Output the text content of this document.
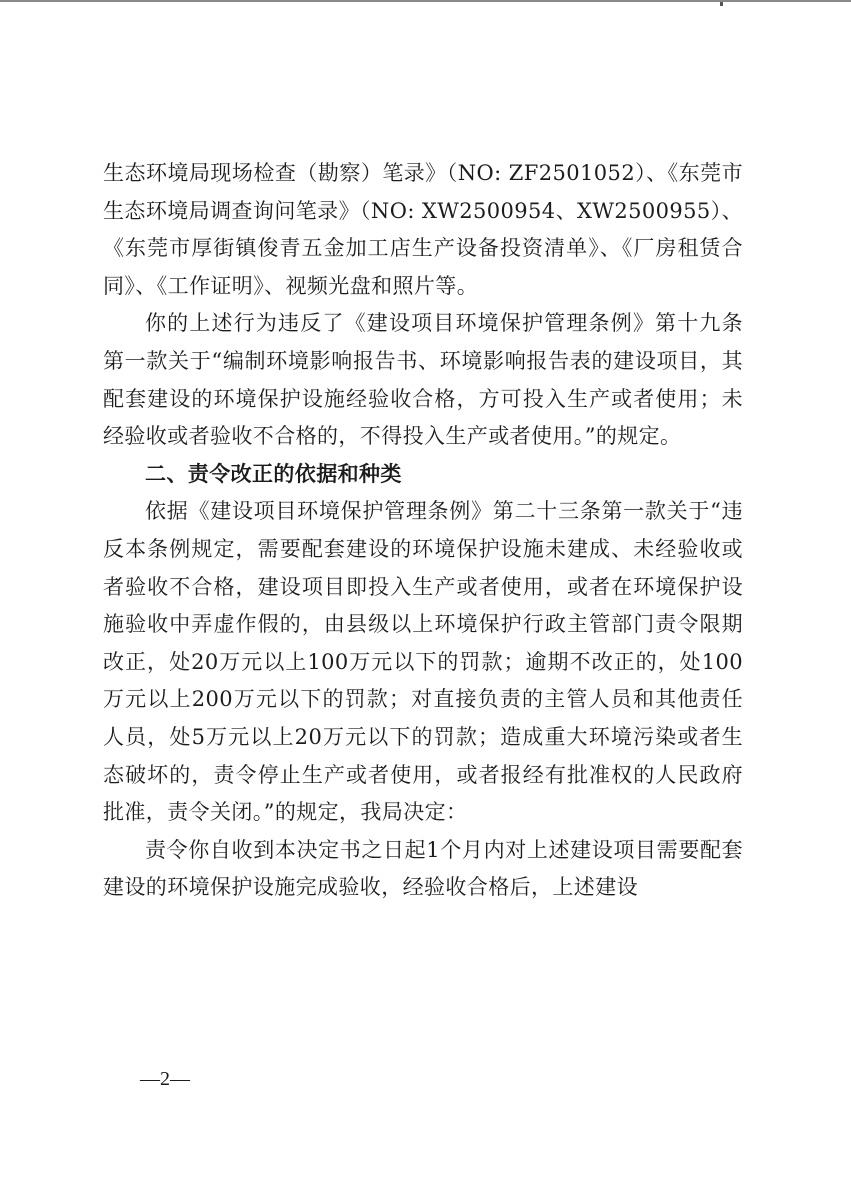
生态环境局现场检查（勘察）笔录》（NO: ZF2501052）、《东莞市生态环境局调查询问笔录》（NO: XW2500954、XW2500955）、《东莞市厚街镇俊青五金加工店生产设备投资清单》、《厂房租赁合同》、《工作证明》、视频光盘和照片等。

你的上述行为违反了《建设项目环境保护管理条例》第十九条第一款关于“编制环境影响报告书、环境影响报告表的建设项目，其配套建设的环境保护设施经验收合格，方可投入生产或者使用；未经验收或者验收不合格的，不得投入生产或者使用。”的规定。

二、责令改正的依据和种类

依据《建设项目环境保护管理条例》第二十三条第一款关于“违反本条例规定，需要配套建设的环境保护设施未建成、未经验收或者验收不合格，建设项目即投入生产或者使用，或者在环境保护设施验收中弄虚作假的，由县级以上环境保护行政主管部门责令限期改正，处20万元以上100万元以下的罚款；逾期不改正的，处100万元以上200万元以下的罚款；对直接负责的主管人员和其他责任人员，处5万元以上20万元以下的罚款；造成重大环境污染或者生态破坏的，责令停止生产或者使用，或者报经有批准权的人民政府批准，责令关闭。”的规定，我局决定：

责令你自收到本决定书之日起1个月内对上述建设项目需要配套建设的环境保护设施完成验收，经验收合格后，上述建设

—2—
